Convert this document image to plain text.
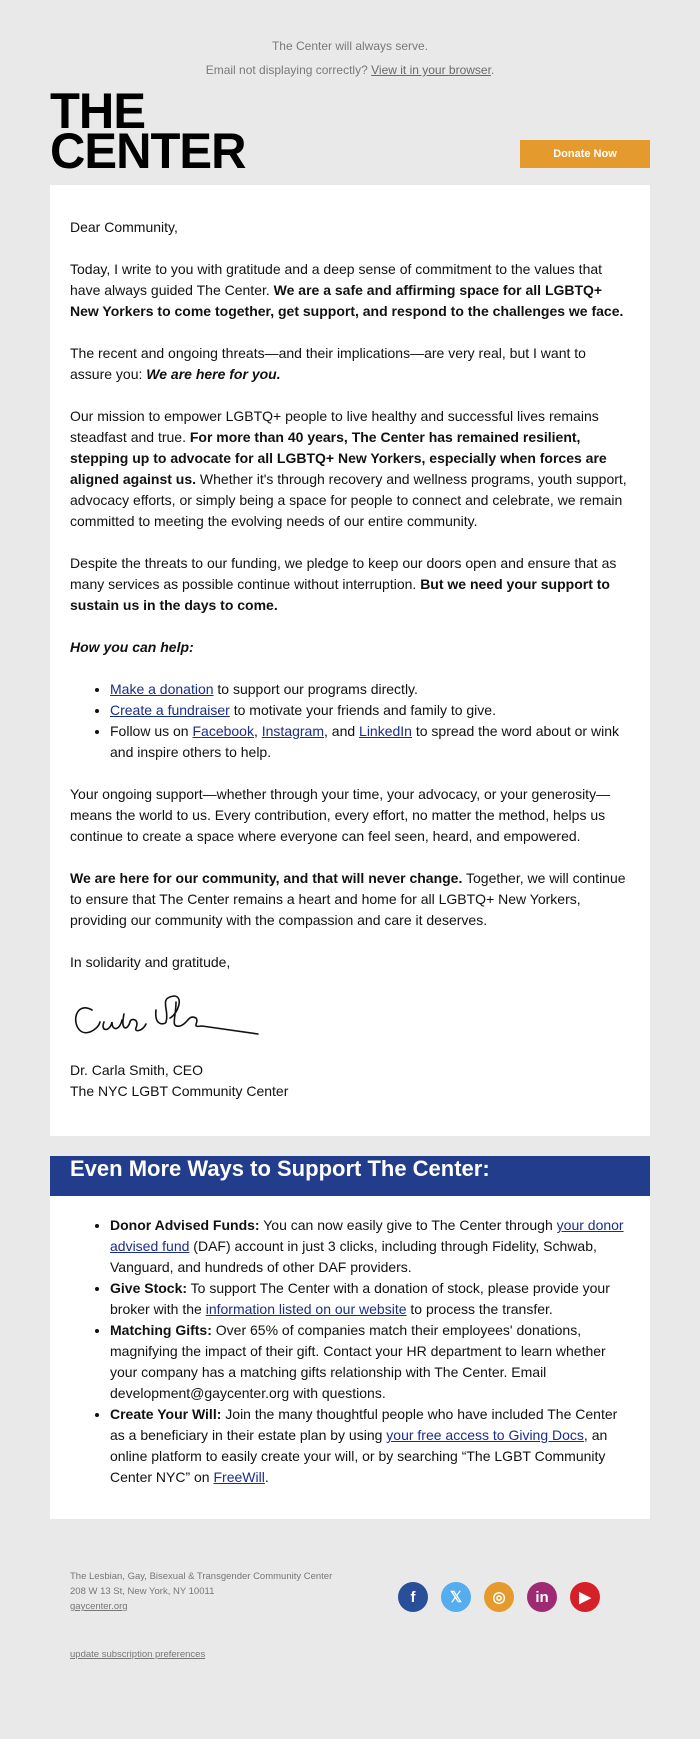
The Center will always serve.
Email not displaying correctly? View it in your browser.
THE
CENTER	Donate Now

Dear Community,

Today, I write to you with gratitude and a deep sense of commitment to the values that have always guided The Center. We are a safe and affirming space for all LGBTQ+ New Yorkers to come together, get support, and respond to the challenges we face.

The recent and ongoing threats—and their implications—are very real, but I want to assure you: We are here for you.

Our mission to empower LGBTQ+ people to live healthy and successful lives remains steadfast and true. For more than 40 years, The Center has remained resilient, stepping up to advocate for all LGBTQ+ New Yorkers, especially when forces are aligned against us. Whether it's through recovery and wellness programs, youth support, advocacy efforts, or simply being a space for people to connect and celebrate, we remain committed to meeting the evolving needs of our entire community.

Despite the threats to our funding, we pledge to keep our doors open and ensure that as many services as possible continue without interruption. But we need your support to sustain us in the days to come.

How you can help:

• Make a donation to support our programs directly.
• Create a fundraiser to motivate your friends and family to give.
• Follow us on Facebook, Instagram, and LinkedIn to spread the word about or wink and inspire others to help.

Your ongoing support—whether through your time, your advocacy, or your generosity—means the world to us. Every contribution, every effort, no matter the method, helps us continue to create a space where everyone can feel seen, heard, and empowered.

We are here for our community, and that will never change. Together, we will continue to ensure that The Center remains a heart and home for all LGBTQ+ New Yorkers, providing our community with the compassion and care it deserves.

In solidarity and gratitude,

Dr. Carla Smith, CEO

The NYC LGBT Community Center

Even More Ways to Support The Center:
• Donor Advised Funds: You can now easily give to The Center through your donor advised fund (DAF) account in just 3 clicks, including through Fidelity, Schwab, Vanguard, and hundreds of other DAF providers.
• Give Stock: To support The Center with a donation of stock, please provide your broker with the information listed on our website to process the transfer.
• Matching Gifts: Over 65% of companies match their employees' donations, magnifying the impact of their gift. Contact your HR department to learn whether your company has a matching gifts relationship with The Center. Email development@gaycenter.org with questions.
• Create Your Will: Join the many thoughtful people who have included The Center as a beneficiary in their estate plan by using your free access to Giving Docs, an online platform to easily create your will, or by searching “The LGBT Community Center NYC” on FreeWill.
The Lesbian, Gay, Bisexual & Transgender Community Center
208 W 13 St, New York, NY 10011
gaycenter.org
f	𝕏	◎	in	▶
update subscription preferences
